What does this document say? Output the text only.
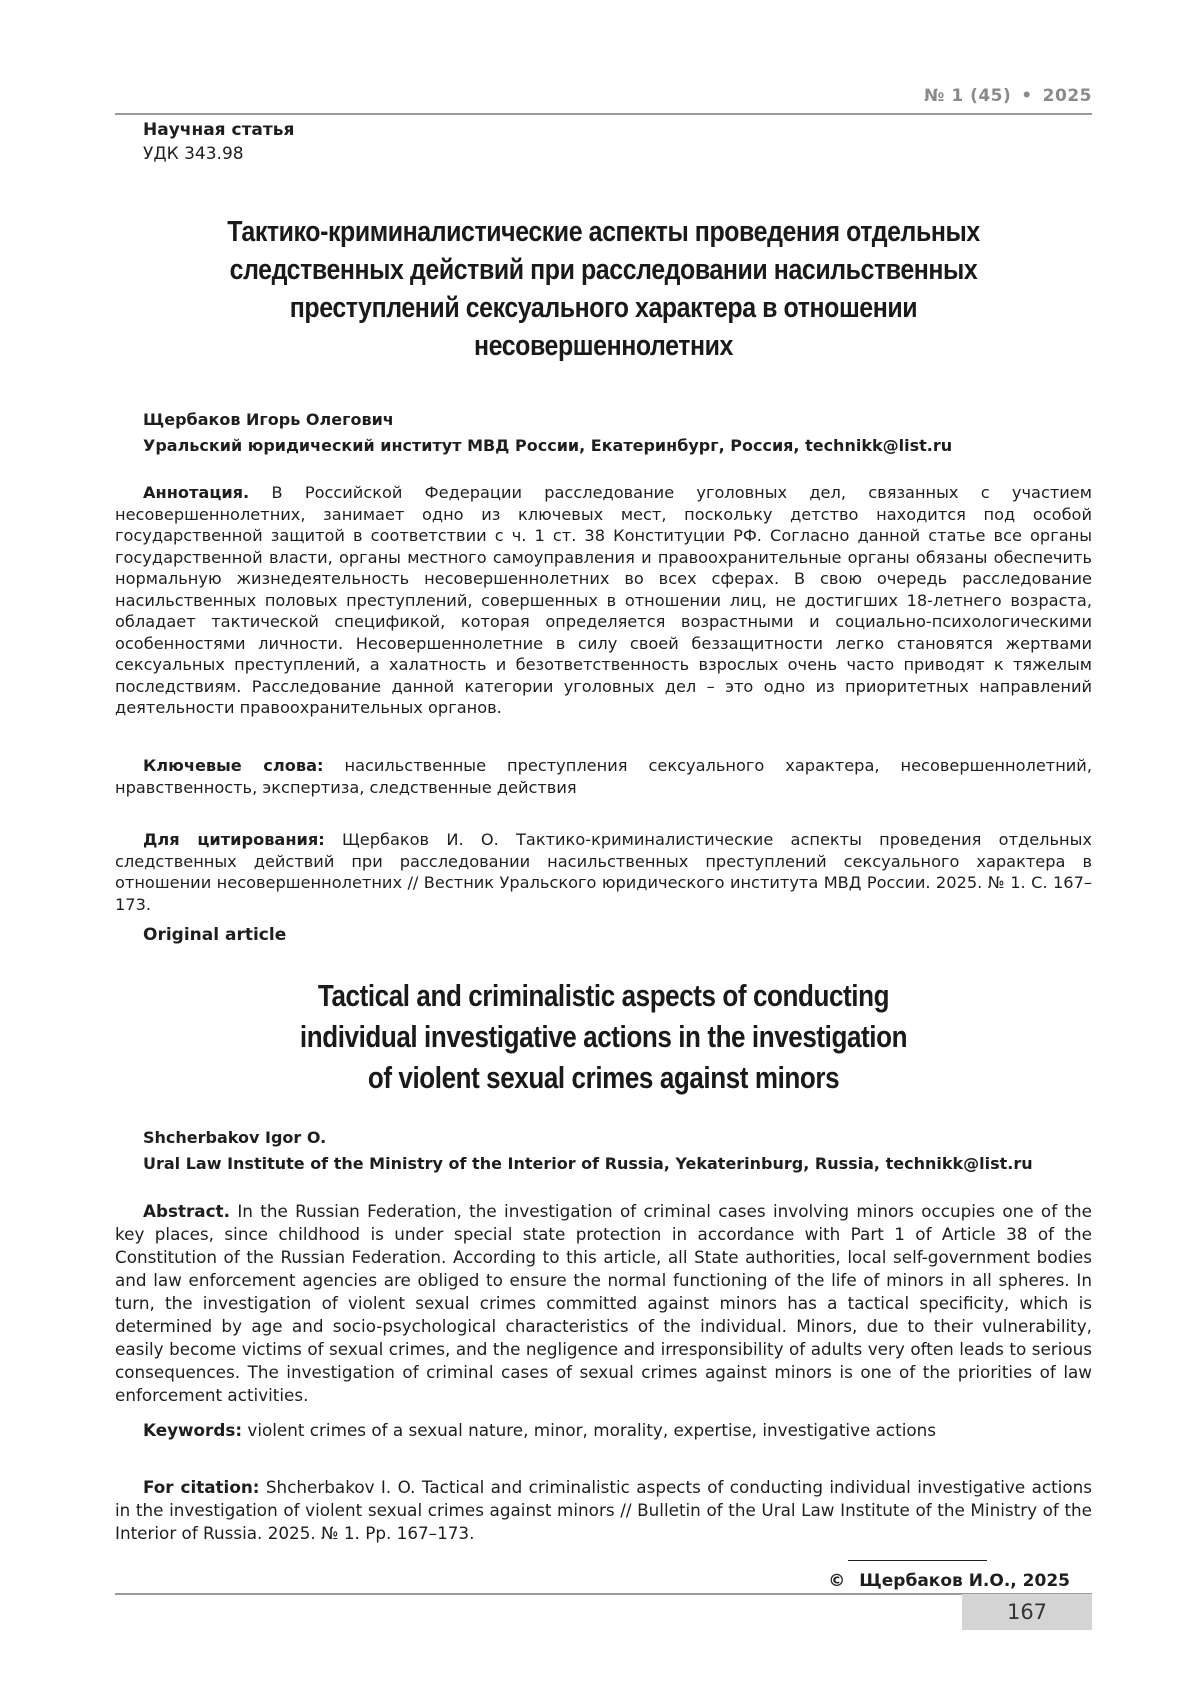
№ 1 (45) • 2025
Научная статья
УДК 343.98
Тактико-криминалистические аспекты проведения отдельных
следственных действий при расследовании насильственных
преступлений сексуального характера в отношении
несовершеннолетних
Щербаков Игорь Олегович
Уральский юридический институт МВД России, Екатеринбург, Россия, technikk@list.ru
Аннотация. В Российской Федерации расследование уголовных дел, связанных с участием несовершеннолетних, занимает одно из ключевых мест, поскольку детство находится под особой государственной защитой в соответствии с ч. 1 ст. 38 Конституции РФ. Согласно данной статье все органы государственной власти, органы местного самоуправления и правоохранительные органы обязаны обеспечить нормальную жизнедеятельность несовершеннолетних во всех сферах. В свою очередь расследование насильственных половых преступлений, совершенных в отношении лиц, не достигших 18-летнего возраста, обладает тактической спецификой, которая определяется возрастными и социально-психологическими особенностями личности. Несовершеннолетние в силу своей беззащитности легко становятся жертвами сексуальных преступлений, а халатность и безответственность взрослых очень часто приводят к тяжелым последствиям. Расследование данной категории уголовных дел – это одно из приоритетных направлений деятельности правоохранительных органов.
Ключевые слова: насильственные преступления сексуального характера, несовершеннолетний, нравственность, экспертиза, следственные действия
Для цитирования: Щербаков И. О. Тактико-криминалистические аспекты проведения отдельных следственных действий при расследовании насильственных преступлений сексуального характера в отношении несовершеннолетних // Вестник Уральского юридического института МВД России. 2025. № 1. С. 167–173.
Original article
Tactical and criminalistic aspects of conducting
individual investigative actions in the investigation
of violent sexual crimes against minors
Shcherbakov Igor O.
Ural Law Institute of the Ministry of the Interior of Russia, Yekaterinburg, Russia, technikk@list.ru
Abstract. In the Russian Federation, the investigation of criminal cases involving minors occupies one of the key places, since childhood is under special state protection in accordance with Part 1 of Article 38 of the Constitution of the Russian Federation. According to this article, all State authorities, local self-government bodies and law enforcement agencies are obliged to ensure the normal functioning of the life of minors in all spheres. In turn, the investigation of violent sexual crimes committed against minors has a tactical specificity, which is determined by age and socio-psychological characteristics of the individual. Minors, due to their vulnerability, easily become victims of sexual crimes, and the negligence and irresponsibility of adults very often leads to serious consequences. The investigation of criminal cases of sexual crimes against minors is one of the priorities of law enforcement activities.
Keywords: violent crimes of a sexual nature, minor, morality, expertise, investigative actions
For citation: Shcherbakov I. O. Tactical and criminalistic aspects of conducting individual investigative actions in the investigation of violent sexual crimes against minors // Bulletin of the Ural Law Institute of the Ministry of the Interior of Russia. 2025. № 1. Pp. 167–173.
© Щербаков И.О., 2025
167
